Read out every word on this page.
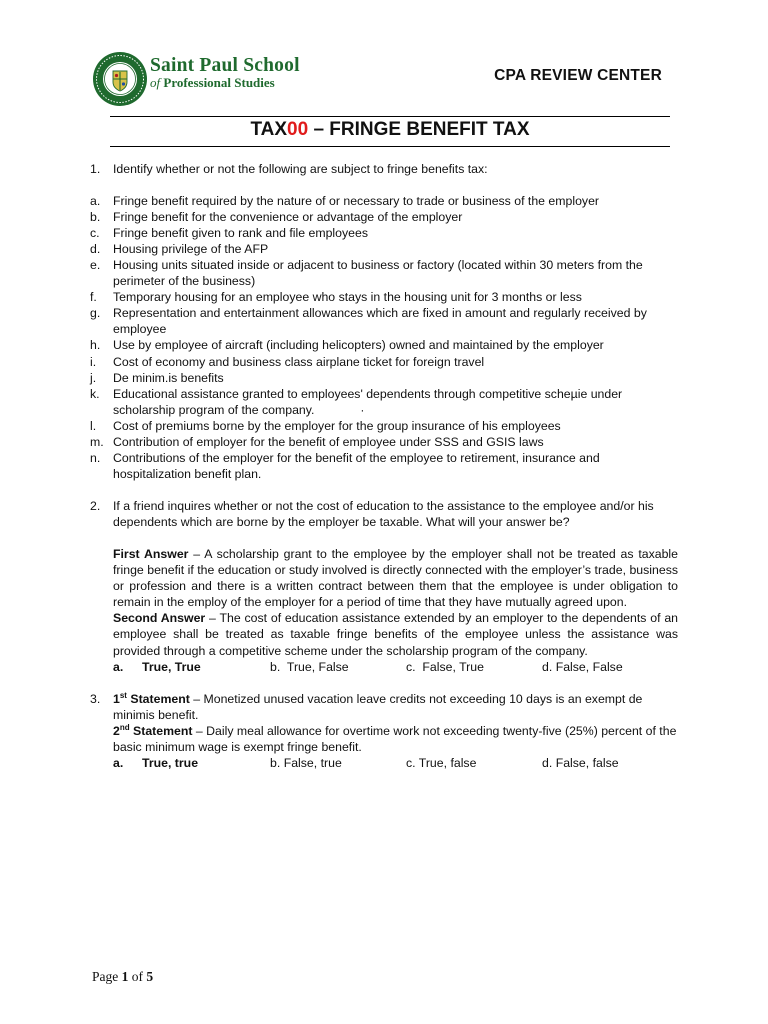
Saint Paul School
of Professional Studies	CPA REVIEW CENTER
TAX00 – FRINGE BENEFIT TAX
1.	Identify whether or not the following are subject to fringe benefits tax:
a.	Fringe benefit required by the nature of or necessary to trade or business of the employer
b.	Fringe benefit for the convenience or advantage of the employer
c.	Fringe benefit given to rank and file employees
d.	Housing privilege of the AFP
e.	Housing units situated inside or adjacent to business or factory (located within 30 meters from the perimeter of the business)
f.	Temporary housing for an employee who stays in the housing unit for 3 months or less
g.	Representation and entertainment allowances which are fixed in amount and regularly received by employee
h.	Use by employee of aircraft (including helicopters) owned and maintained by the employer
i.	Cost of economy and business class airplane ticket for foreign travel
j.	De minim.is benefits
k.	Educational assistance granted to employees' dependents through competitive scheµie under scholarship program of the company.	·
l.	Cost of premiums borne by the employer for the group insurance of his employees
m. Contribution of employer for the benefit of employee under SSS and GSIS laws
n.	Contributions of the employer for the benefit of the employee to retirement, insurance and hospitalization benefit plan.
2.	If a friend inquires whether or not the cost of education to the assistance to the employee and/or his dependents which are borne by the employer be taxable. What will your answer be?
First Answer – A scholarship grant to the employee by the employer shall not be treated as taxable fringe benefit if the education or study involved is directly connected with the employer’s trade, business or profession and there is a written contract between them that the employee is under obligation to remain in the employ of the employer for a period of time that they have mutually agreed upon.
Second Answer – The cost of education assistance extended by an employer to the dependents of an employee shall be treated as taxable fringe benefits of the employee unless the assistance was provided through a competitive scheme under the scholarship program of the company.
a. True, True	b. True, False	c. False, True	d. False, False
3.	1st Statement – Monetized unused vacation leave credits not exceeding 10 days is an exempt de minimis benefit.
2nd Statement – Daily meal allowance for overtime work not exceeding twenty-five (25%) percent of the basic minimum wage is exempt fringe benefit.
a. True, true	b. False, true	c. True, false	d. False, false
Page 1 of 5
